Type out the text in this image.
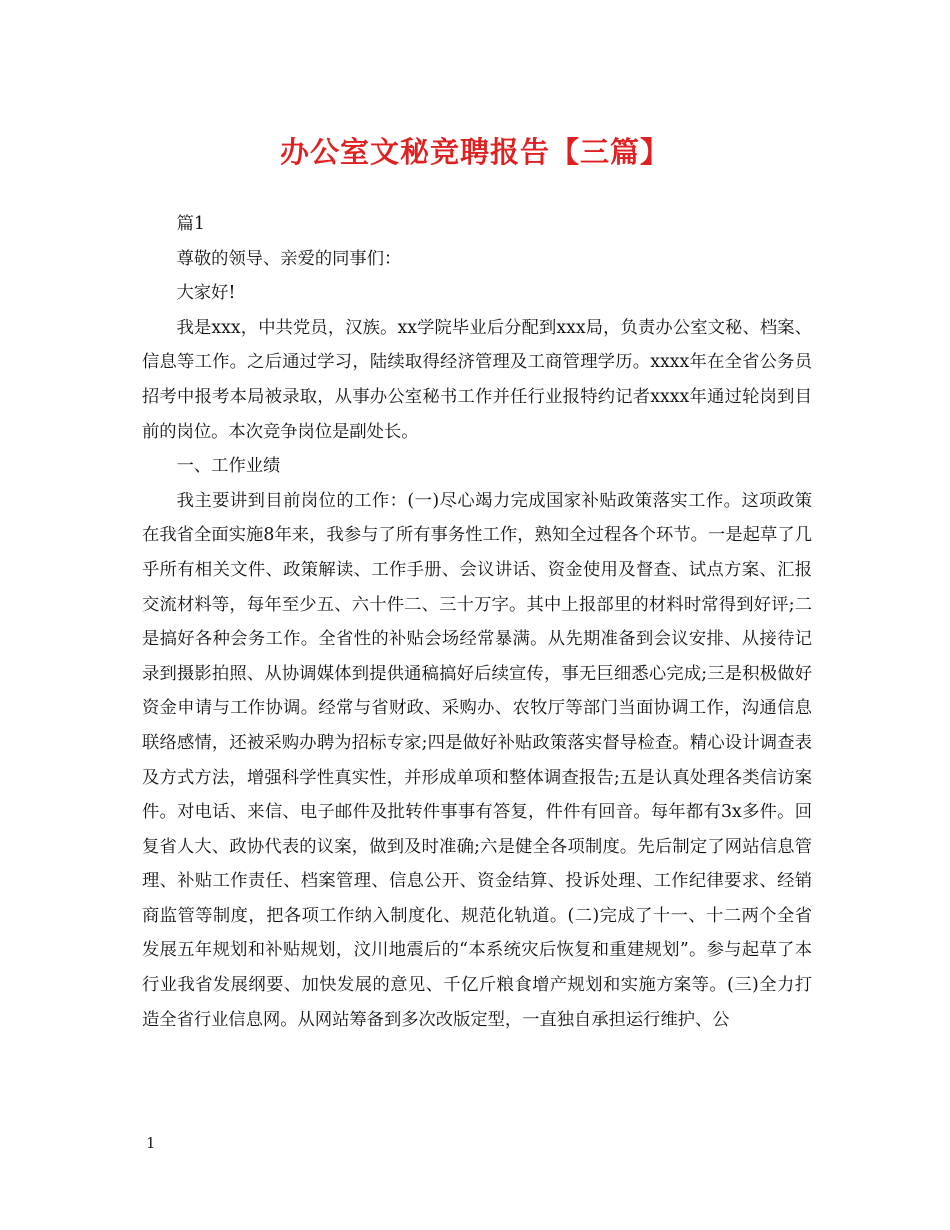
办公室文秘竞聘报告【三篇】

篇1

尊敬的领导、亲爱的同事们：

大家好!

我是xxx，中共党员，汉族。xx学院毕业后分配到xxx局，负责办公室文秘、档案、信息等工作。之后通过学习，陆续取得经济管理及工商管理学历。xxxx年在全省公务员招考中报考本局被录取，从事办公室秘书工作并任行业报特约记者xxxx年通过轮岗到目前的岗位。本次竞争岗位是副处长。

一、工作业绩

我主要讲到目前岗位的工作：(一)尽心竭力完成国家补贴政策落实工作。这项政策在我省全面实施8年来，我参与了所有事务性工作，熟知全过程各个环节。一是起草了几乎所有相关文件、政策解读、工作手册、会议讲话、资金使用及督查、试点方案、汇报交流材料等，每年至少五、六十件二、三十万字。其中上报部里的材料时常得到好评;二是搞好各种会务工作。全省性的补贴会场经常暴满。从先期准备到会议安排、从接待记录到摄影拍照、从协调媒体到提供通稿搞好后续宣传，事无巨细悉心完成;三是积极做好资金申请与工作协调。经常与省财政、采购办、农牧厅等部门当面协调工作，沟通信息联络感情，还被采购办聘为招标专家;四是做好补贴政策落实督导检查。精心设计调查表及方式方法，增强科学性真实性，并形成单项和整体调查报告;五是认真处理各类信访案件。对电话、来信、电子邮件及批转件事事有答复，件件有回音。每年都有3x多件。回复省人大、政协代表的议案，做到及时准确;六是健全各项制度。先后制定了网站信息管理、补贴工作责任、档案管理、信息公开、资金结算、投诉处理、工作纪律要求、经销商监管等制度，把各项工作纳入制度化、规范化轨道。(二)完成了十一、十二两个全省发展五年规划和补贴规划，汶川地震后的“本系统灾后恢复和重建规划”。参与起草了本行业我省发展纲要、加快发展的意见、千亿斤粮食增产规划和实施方案等。(三)全力打造全省行业信息网。从网站筹备到多次改版定型，一直独自承担运行维护、公

1
